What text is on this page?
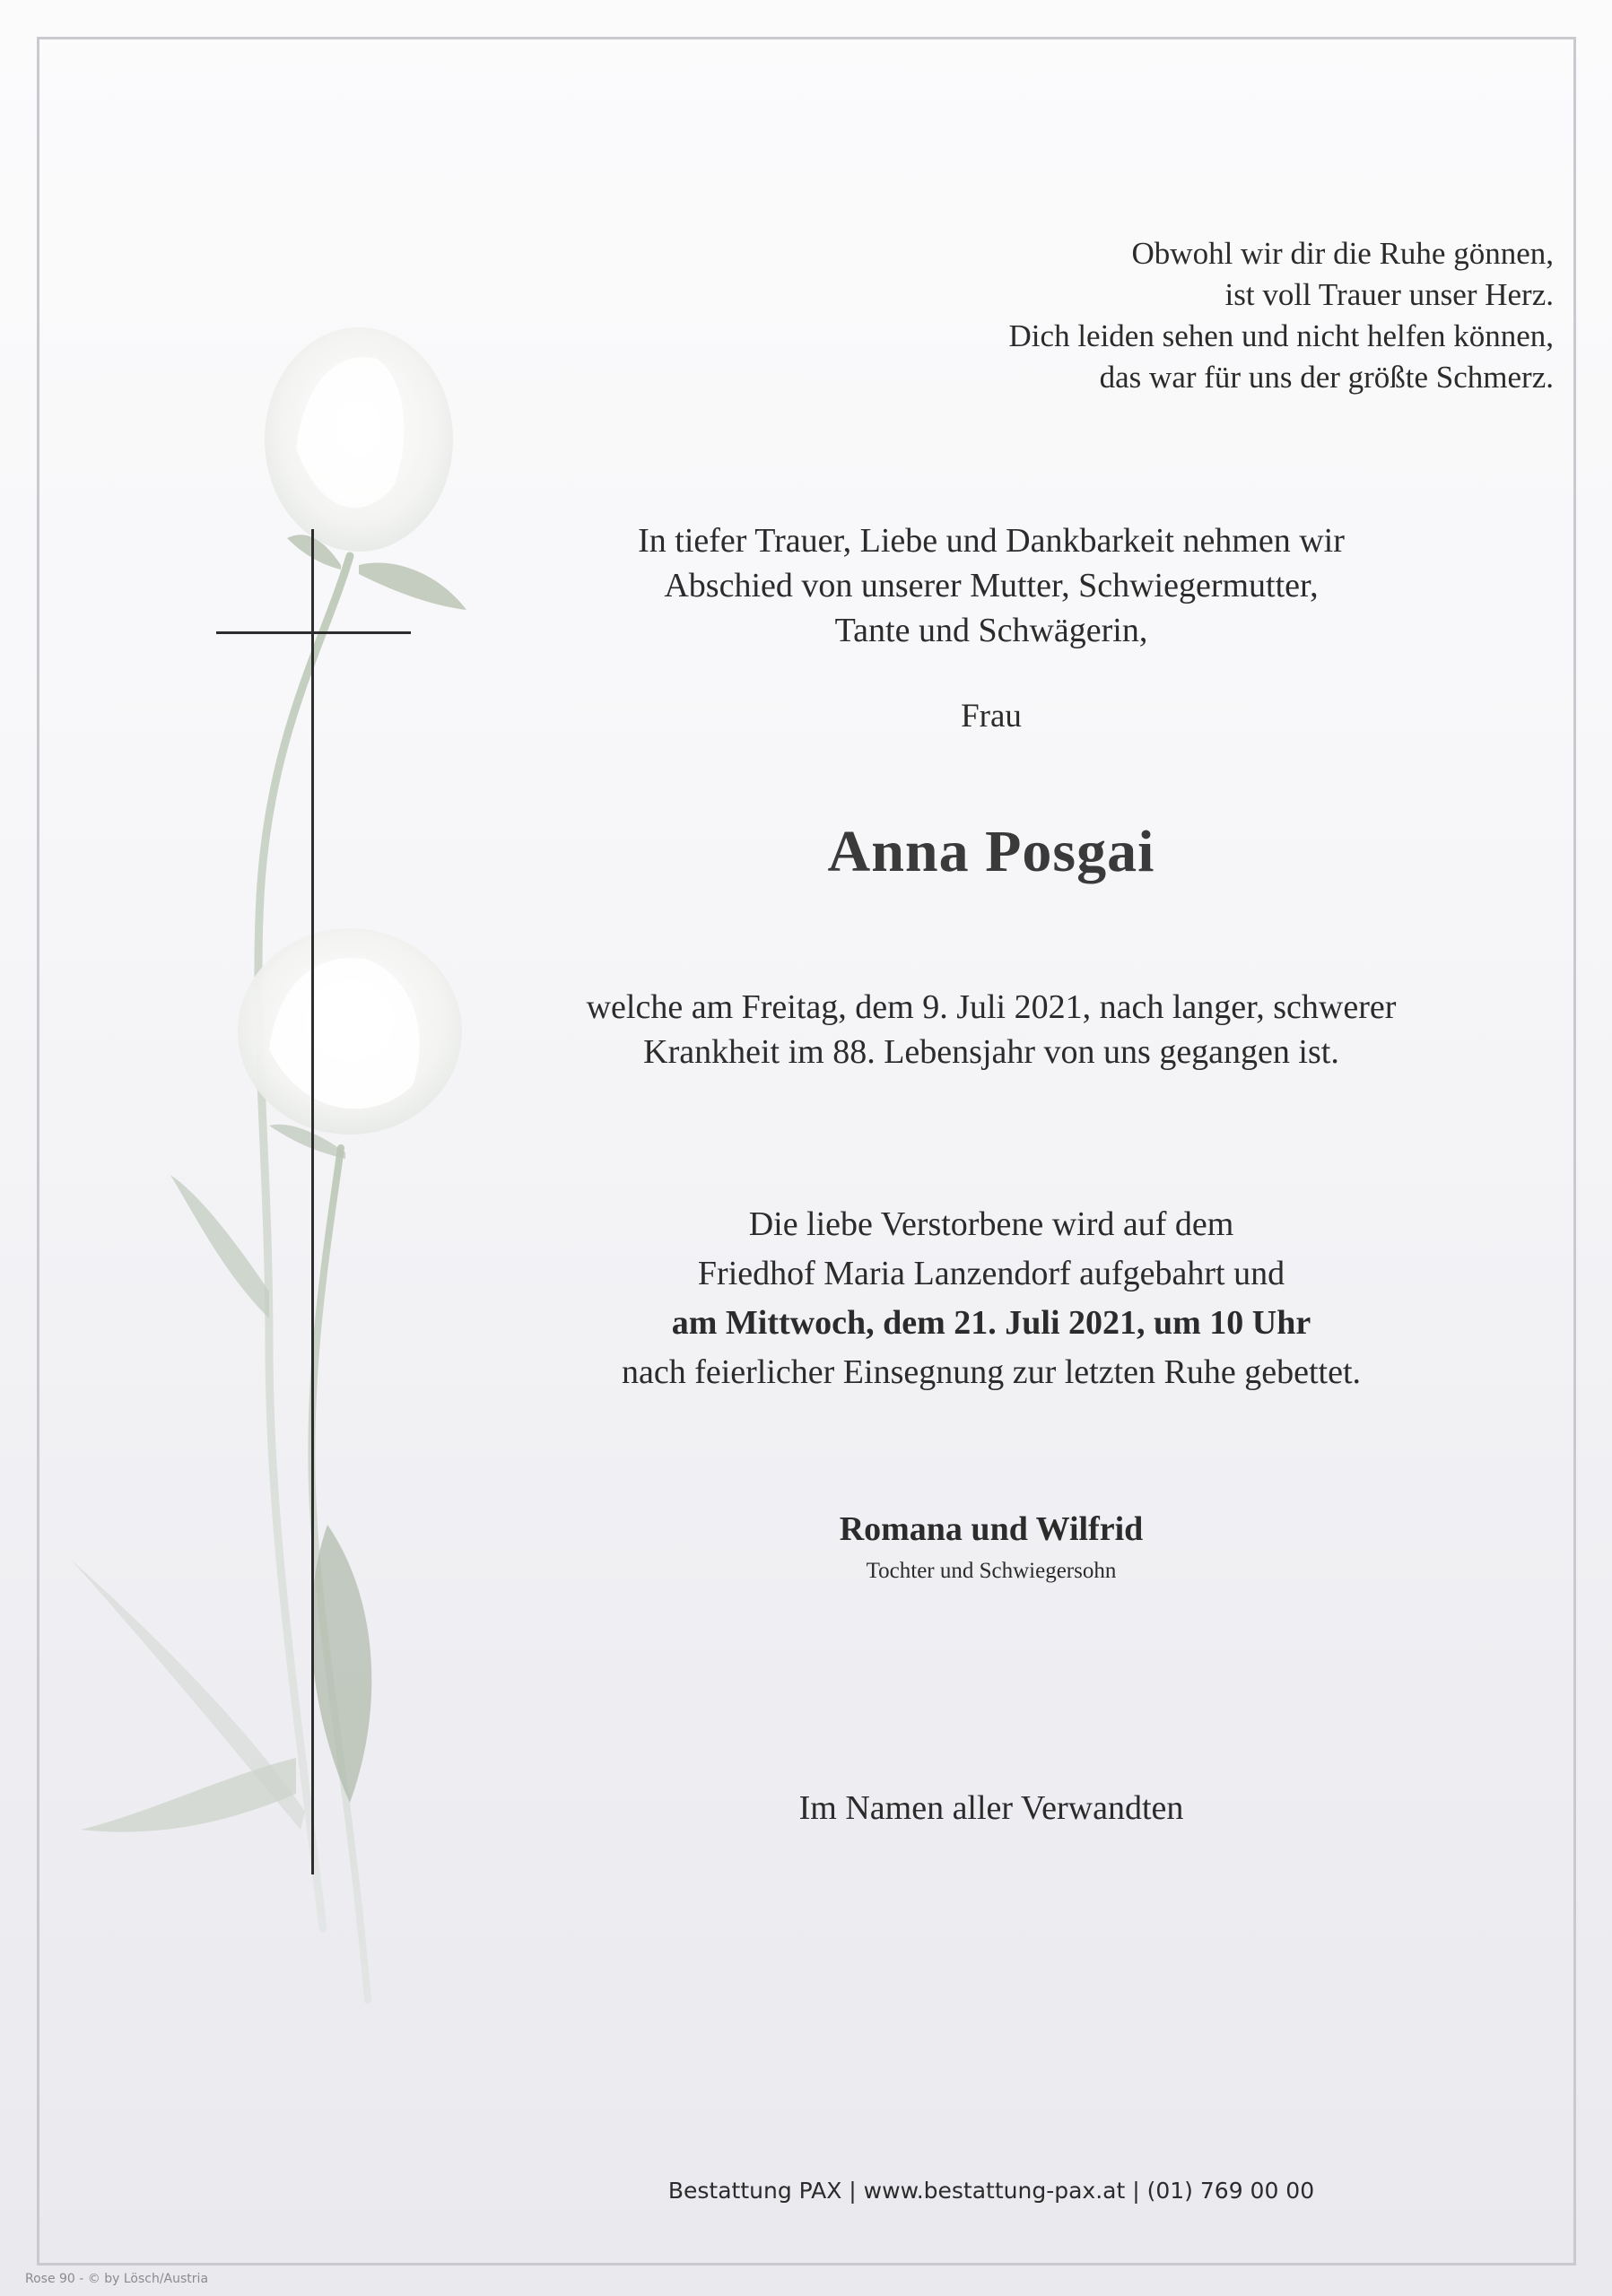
Obwohl wir dir die Ruhe gönnen,
ist voll Trauer unser Herz.
Dich leiden sehen und nicht helfen können,
das war für uns der größte Schmerz.

In tiefer Trauer, Liebe und Dankbarkeit nehmen wir
Abschied von unserer Mutter, Schwiegermutter,
Tante und Schwägerin,

Frau

Anna Posgai

welche am Freitag, dem 9. Juli 2021, nach langer, schwerer
Krankheit im 88. Lebensjahr von uns gegangen ist.

Die liebe Verstorbene wird auf dem
Friedhof Maria Lanzendorf aufgebahrt und
am Mittwoch, dem 21. Juli 2021, um 10 Uhr
nach feierlicher Einsegnung zur letzten Ruhe gebettet.

Romana und Wilfrid

Tochter und Schwiegersohn

Im Namen aller Verwandten

Bestattung PAX | www.bestattung-pax.at | (01) 769 00 00
Rose 90 - © by Lösch/Austria
